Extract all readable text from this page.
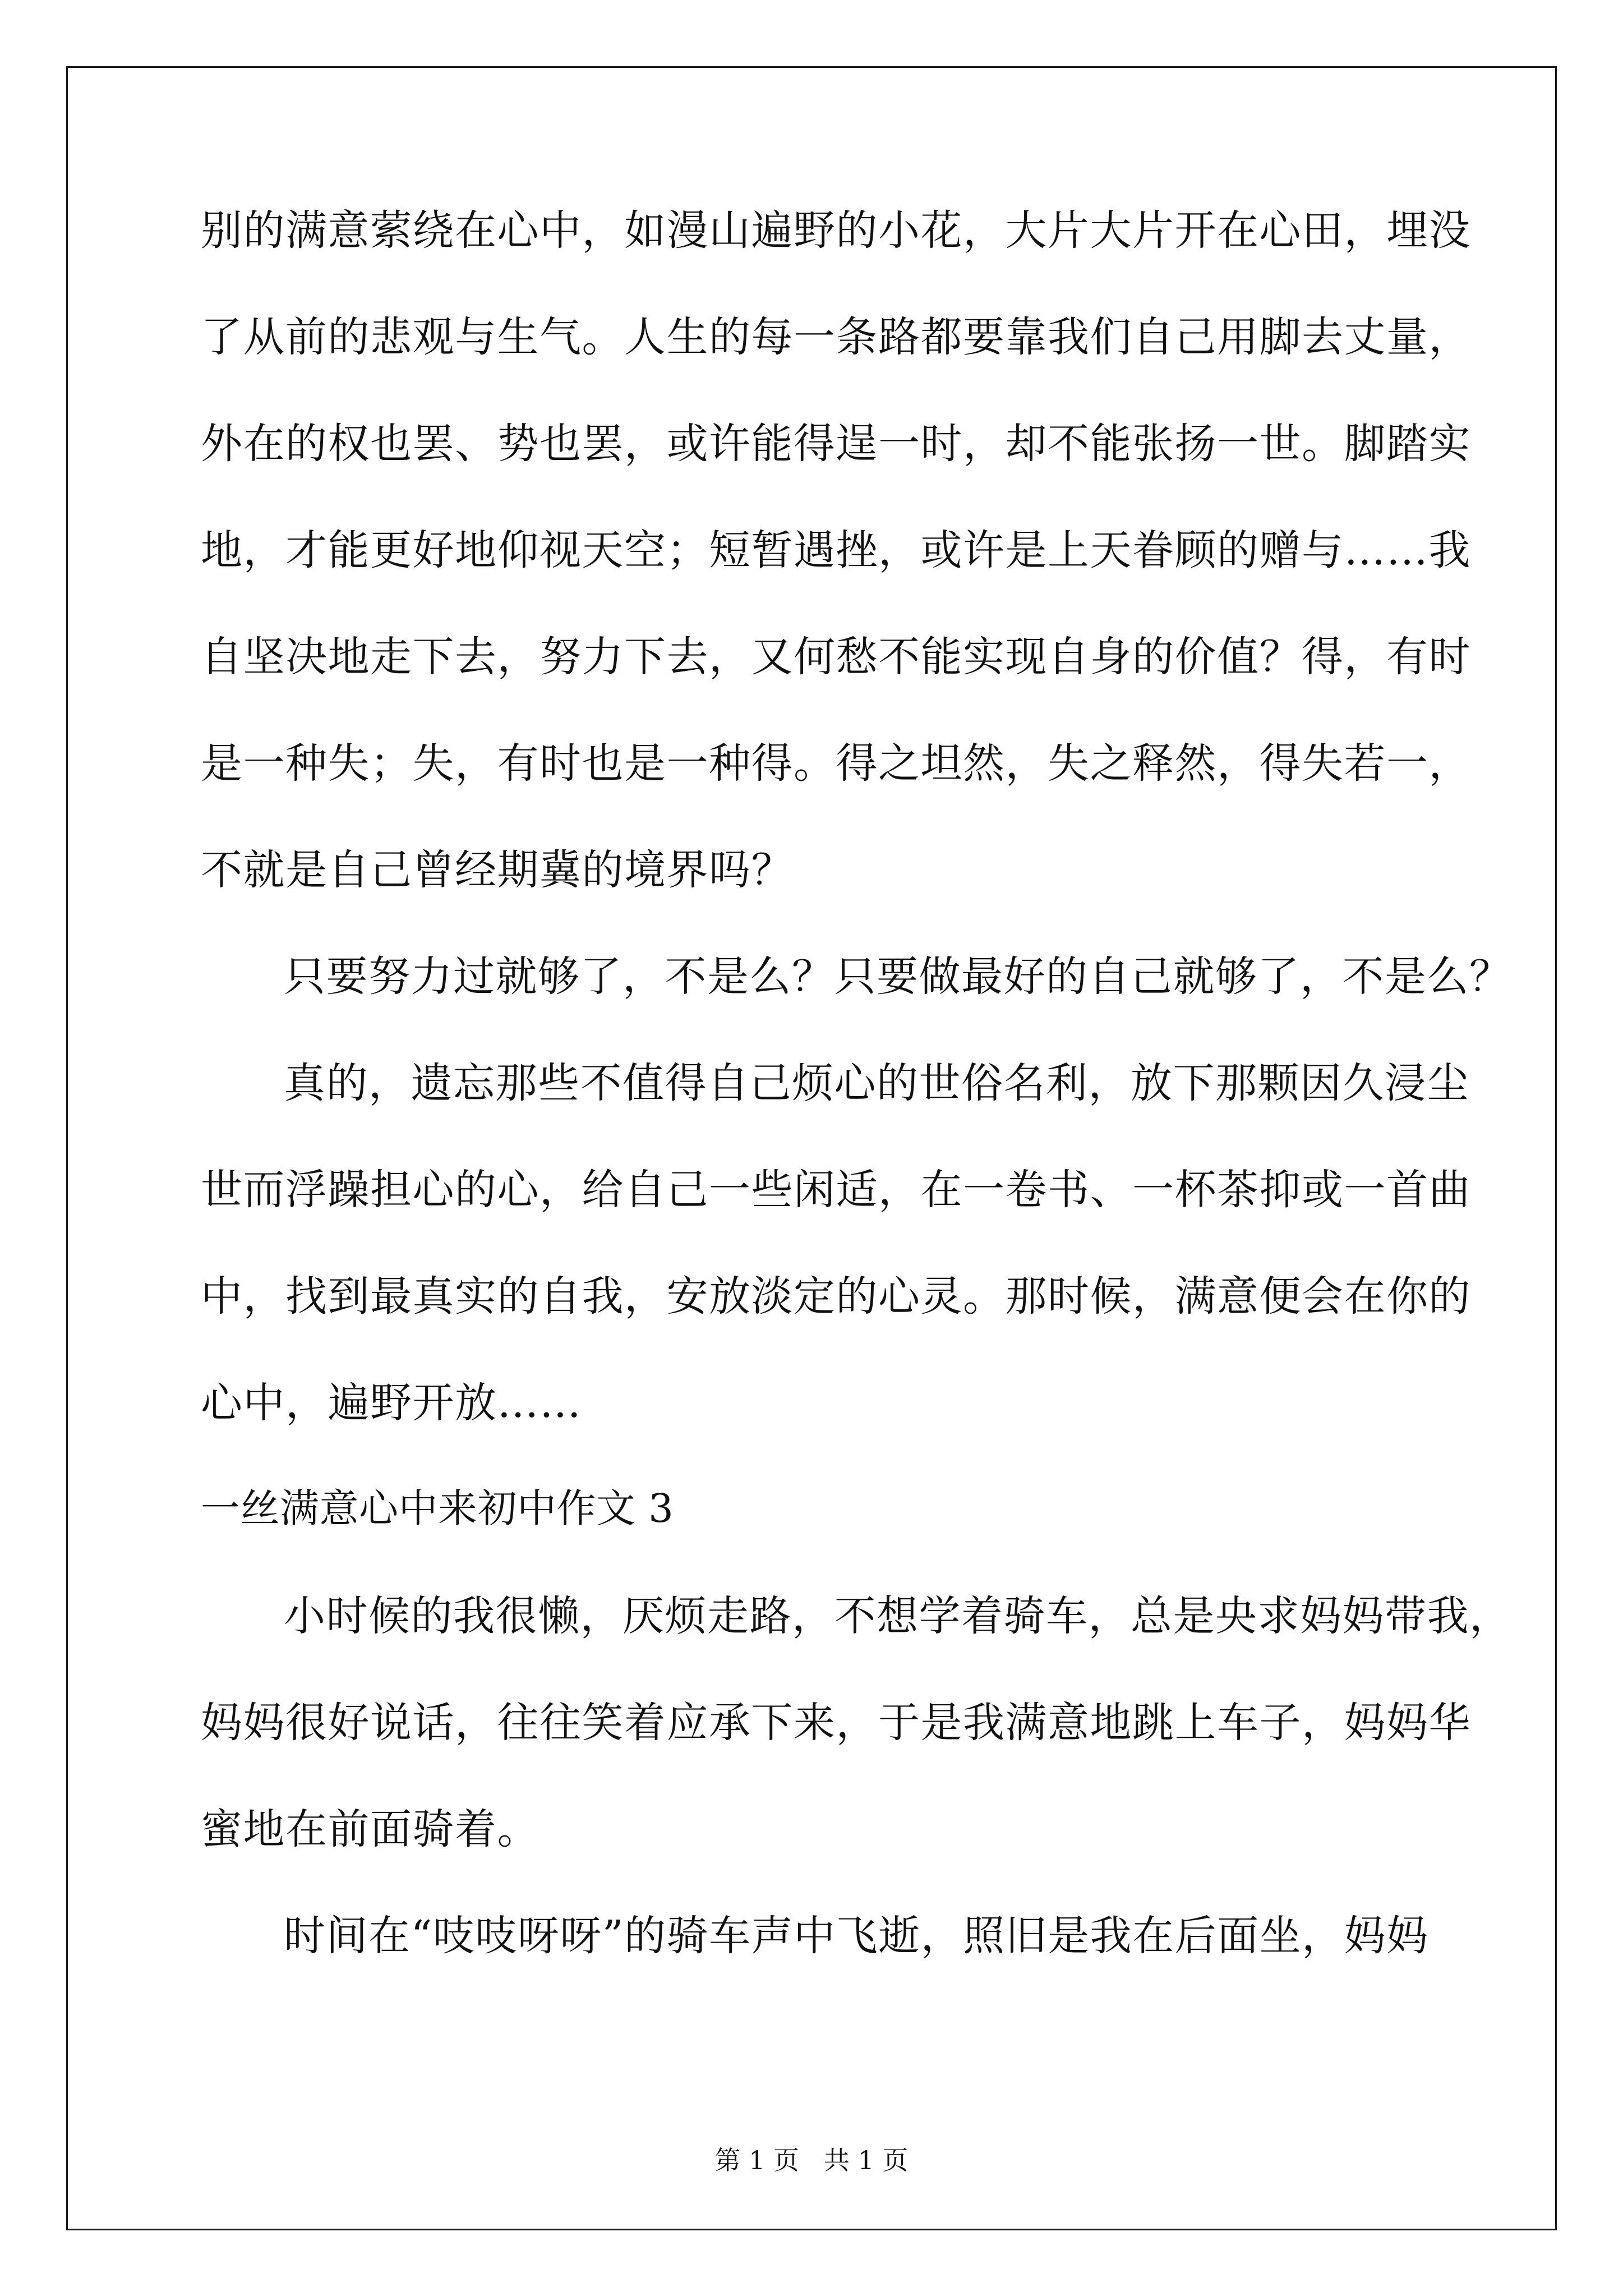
别的满意萦绕在心中，如漫山遍野的小花，大片大片开在心田，埋没
了从前的悲观与生气。人生的每一条路都要靠我们自己用脚去丈量，
外在的权也罢、势也罢，或许能得逞一时，却不能张扬一世。脚踏实
地，才能更好地仰视天空；短暂遇挫，或许是上天眷顾的赠与……我
自坚决地走下去，努力下去，又何愁不能实现自身的价值？得，有时
是一种失；失，有时也是一种得。得之坦然，失之释然，得失若一，
不就是自己曾经期冀的境界吗？
只要努力过就够了，不是么？只要做最好的自己就够了，不是么？
真的，遗忘那些不值得自己烦心的世俗名利，放下那颗因久浸尘
世而浮躁担心的心，给自己一些闲适，在一卷书、一杯茶抑或一首曲
中，找到最真实的自我，安放淡定的心灵。那时候，满意便会在你的
心中，遍野开放……
一丝满意心中来初中作文 3
小时候的我很懒，厌烦走路，不想学着骑车，总是央求妈妈带我，
妈妈很好说话，往往笑着应承下来，于是我满意地跳上车子，妈妈华
蜜地在前面骑着。
时间在“吱吱呀呀”的骑车声中飞逝，照旧是我在后面坐，妈妈
第 1 页   共 1 页
